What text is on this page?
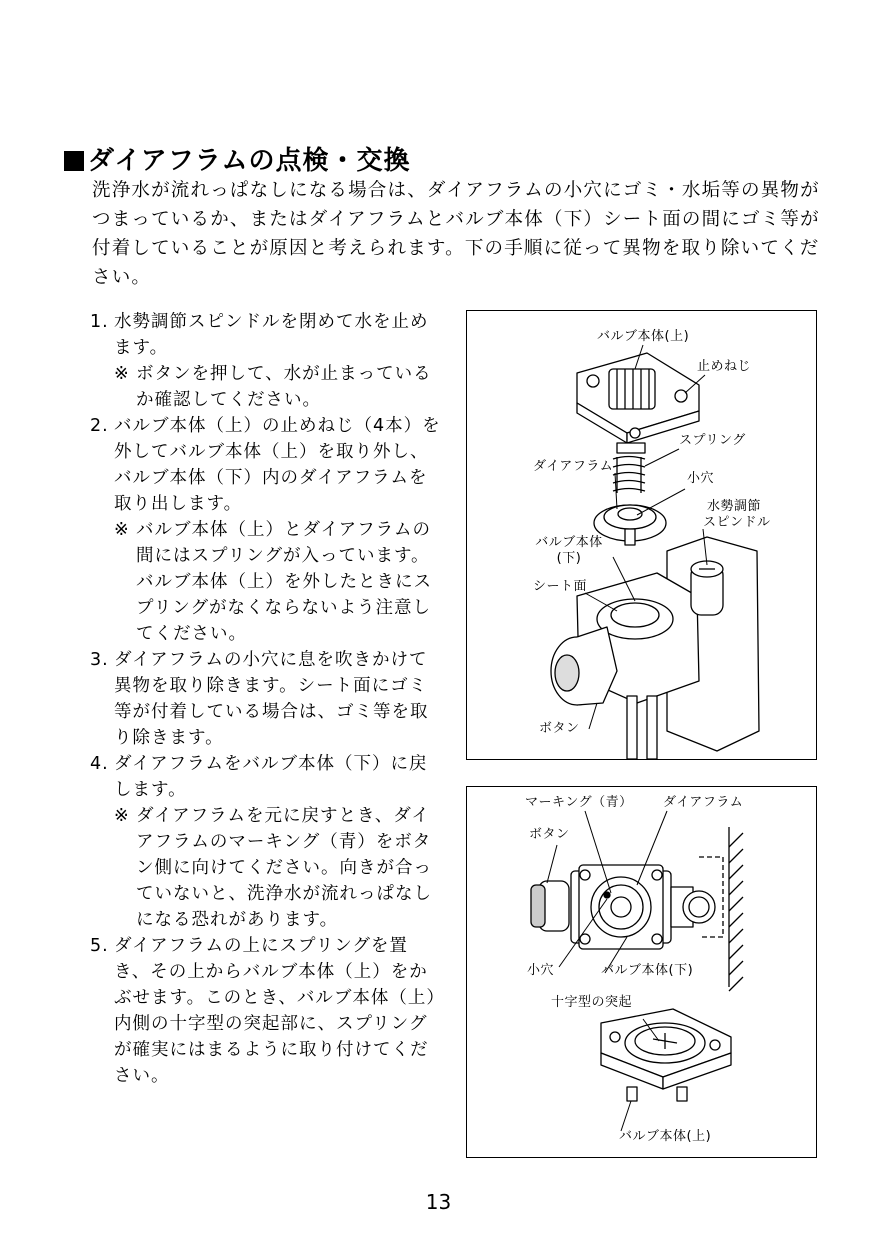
ダイアフラムの点検・交換
洗浄水が流れっぱなしになる場合は、ダイアフラムの小穴にゴミ・水垢等の異物がつまっているか、またはダイアフラムとバルブ本体（下）シート面の間にゴミ等が付着していることが原因と考えられます。下の手順に従って異物を取り除いてください。
1. 水勢調節スピンドルを閉めて水を止めます。
※ ボタンを押して、水が止まっているか確認してください。
2. バルブ本体（上）の止めねじ（4本）を外してバルブ本体（上）を取り外し、バルブ本体（下）内のダイアフラムを取り出します。
※ バルブ本体（上）とダイアフラムの間にはスプリングが入っています。バルブ本体（上）を外したときにスプリングがなくならないよう注意してください。
3. ダイアフラムの小穴に息を吹きかけて異物を取り除きます。シート面にゴミ等が付着している場合は、ゴミ等を取り除きます。
4. ダイアフラムをバルブ本体（下）に戻します。
※ ダイアフラムを元に戻すとき、ダイアフラムのマーキング（青）をボタン側に向けてください。向きが合っていないと、洗浄水が流れっぱなしになる恐れがあります。
5. ダイアフラムの上にスプリングを置き、その上からバルブ本体（上）をかぶせます。このとき、バルブ本体（上）内側の十字型の突起部に、スプリングが確実にはまるように取り付けてください。
バルブ本体(上)
止めねじ
スプリング
ダイアフラム
小穴
水勢調節
スピンドル
バルブ本体
(下)
シート面
ボタン
マーキング（青） ダイアフラム
ボタン
小穴	バルブ本体(下)
十字型の突起
バルブ本体(上)
13
